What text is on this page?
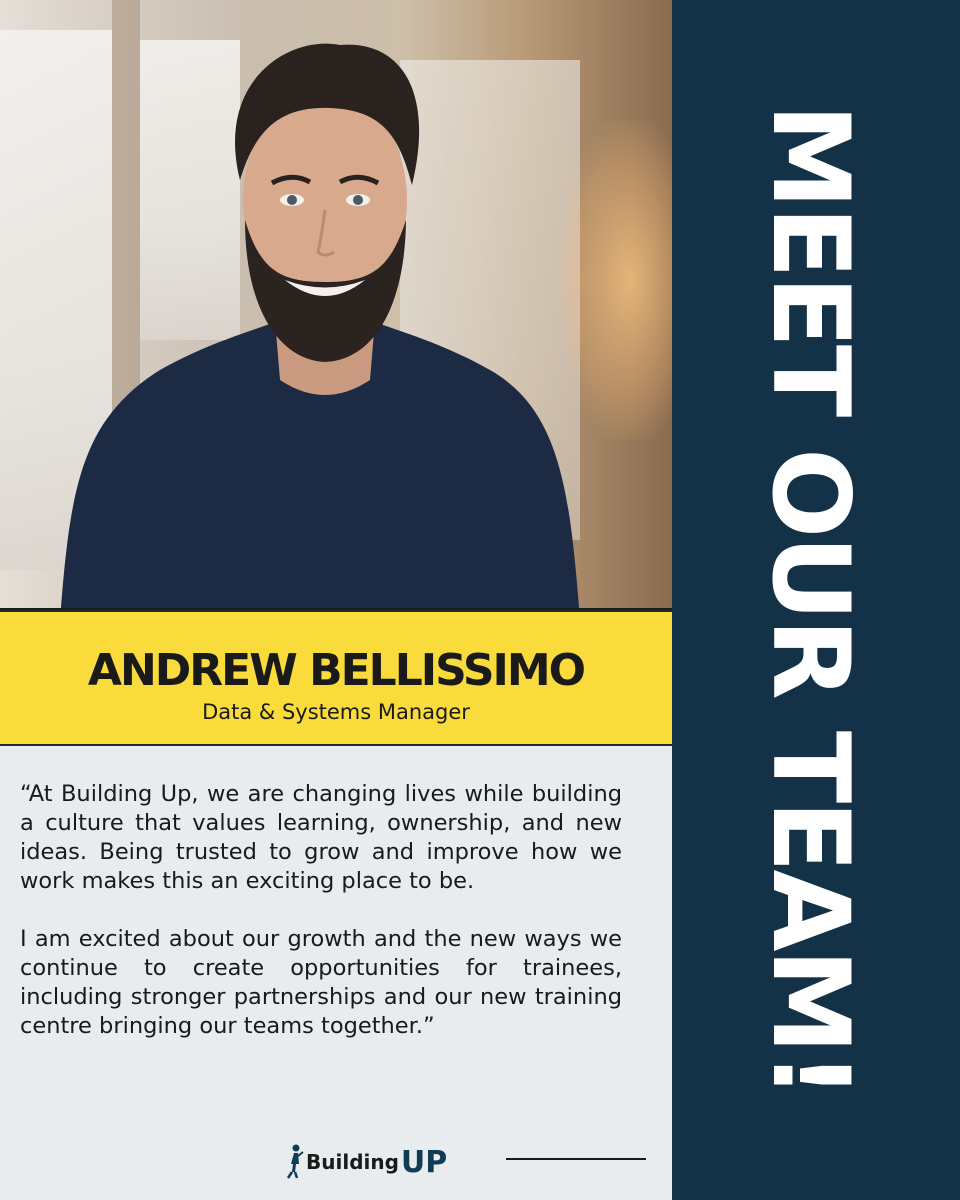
ANDREW BELLISSIMO
Data & Systems Manager

“At Building Up, we are changing lives while building a culture that values learning, ownership, and new ideas. Being trusted to grow and improve how we work makes this an exciting place to be.

I am excited about our growth and the new ways we continue to create opportunities for trainees, including stronger partnerships and our new training centre bringing our teams together.”

Building UP
MEET OUR TEAM!
